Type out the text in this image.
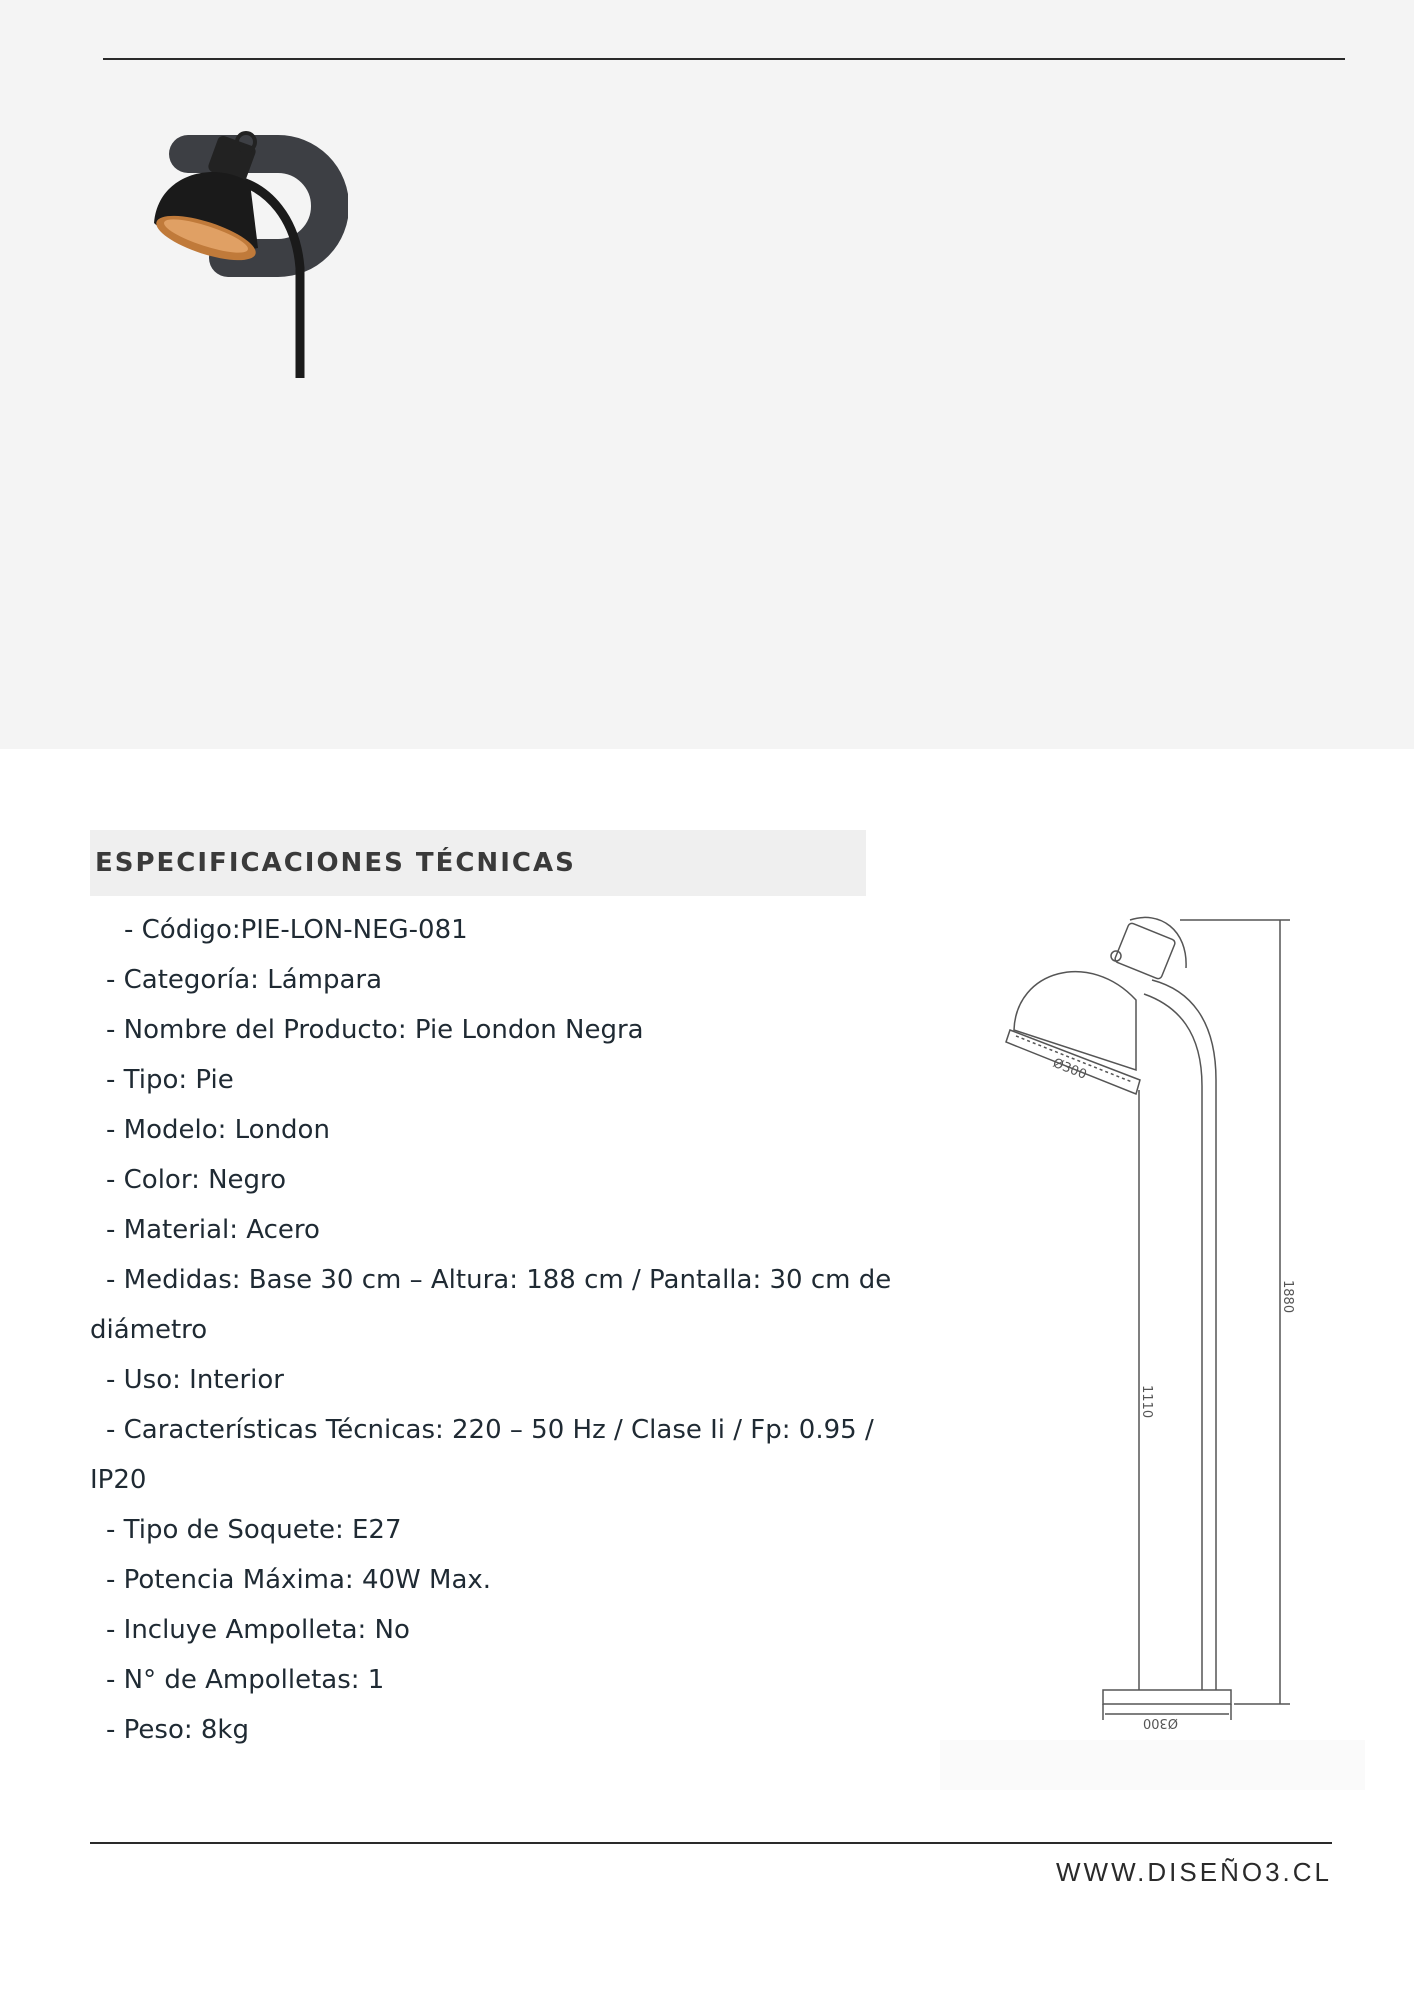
ESPECIFICACIONES TÉCNICAS
- Código:PIE-LON-NEG-081
- Categoría: Lámpara
- Nombre del Producto: Pie London Negra
- Tipo: Pie
- Modelo: London
- Color: Negro
- Material: Acero
- Medidas: Base 30 cm – Altura: 188 cm / Pantalla: 30 cm de
diámetro
- Uso: Interior
- Características Técnicas: 220 – 50 Hz / Clase Ii / Fp: 0.95 /
IP20
- Tipo de Soquete: E27
- Potencia Máxima: 40W Max.
- Incluye Ampolleta: No
- N° de Ampolletas: 1
- Peso: 8kg
Ø300
1110
1880
Ø300
WWW.DISEÑO3.CL
